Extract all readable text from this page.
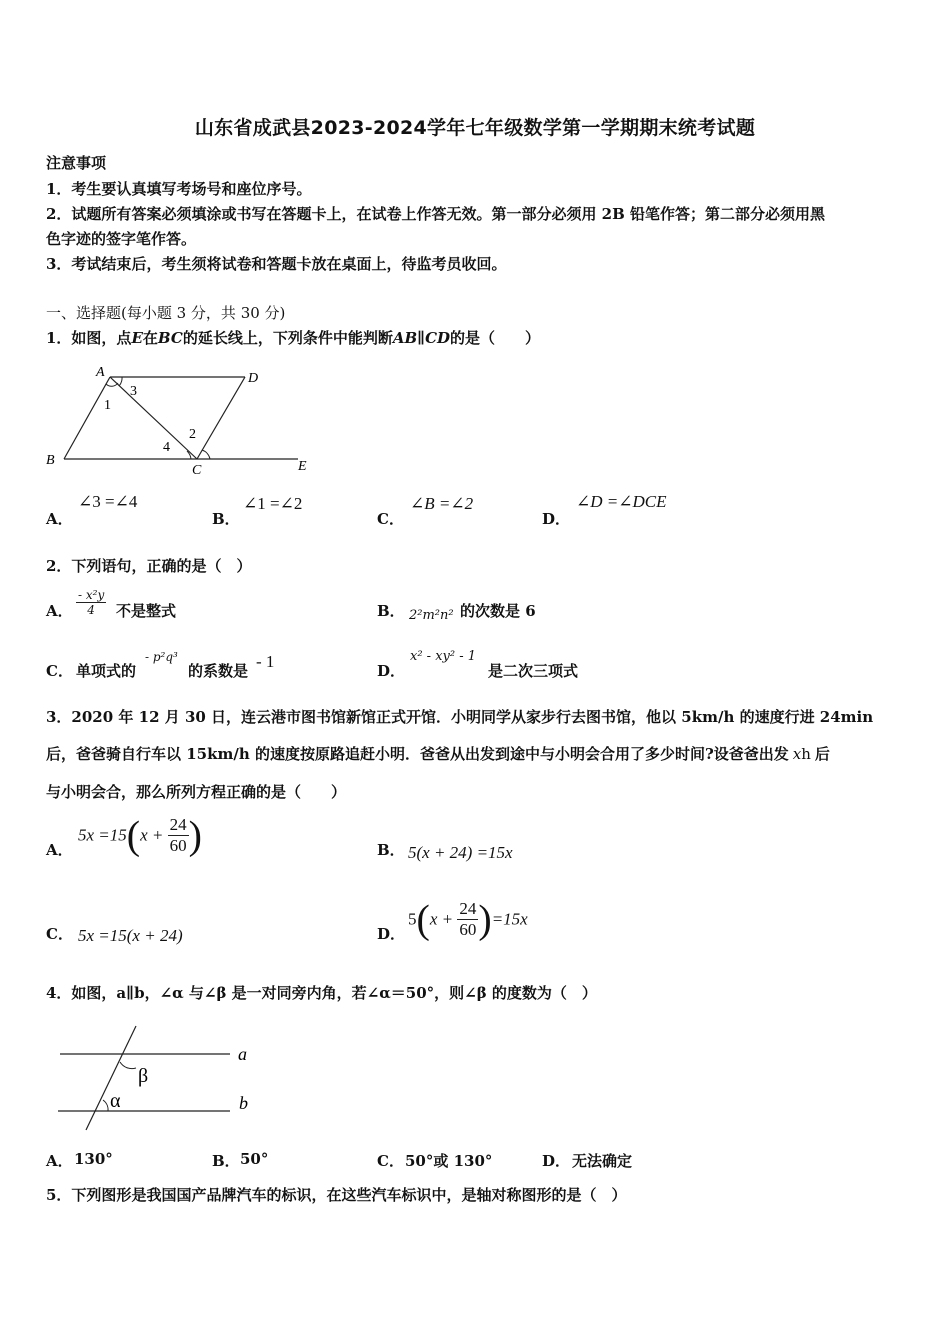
山东省成武县2023-2024学年七年级数学第一学期期末统考试题
注意事项
1．考生要认真填写考场号和座位序号。
2．试题所有答案必须填涂或书写在答题卡上，在试卷上作答无效。第一部分必须用 2B 铅笔作答；第二部分必须用黑
色字迹的签字笔作答。
3．考试结束后，考生须将试卷和答题卡放在桌面上，待监考员收回。
一、选择题(每小题 3 分，共 30 分)
1．如图，点E在BC的延长线上，下列条件中能判断AB∥CD的是（　　）
A	D
B
C	E
1
2
3
4
A．
∠3 =∠4
B．
∠1 =∠2
C．
∠B =∠2
D．
∠D =∠DCE
2．下列语句，正确的是（　）
A． $\frac{\text{- x²y}}{4}$ 不是整式	B． 2²m²n² 的次数是 6
C． 单项式的
- p²q³
的系数是 - 1	D．
x² - xy² - 1
是二次三项式
3．2020 年 12 月 30 日，连云港市图书馆新馆正式开馆．小明同学从家步行去图书馆，他以 5km/h 的速度行进 24min
后，爸爸骑自行车以 15km/h 的速度按原路追赶小明．爸爸从出发到途中与小明会合用了多少时间?设爸爸出发 xh 后
与小明会合，那么所列方程正确的是（　　）
A．
$5x =15(x + \frac{24}{60}$ )	B． 5(x + 24) =15x
C． 5x =15(x + 24)	D．
$5(x + \frac{24}{60} )=15x$
4．如图，a∥b，∠α 与∠β 是一对同旁内角，若∠α＝50°，则∠β 的度数为（　）
β
α
a
b
A． 130°	B． 50°	C． 50°或 130°	D． 无法确定
5．下列图形是我国国产品牌汽车的标识，在这些汽车标识中，是轴对称图形的是（　）
